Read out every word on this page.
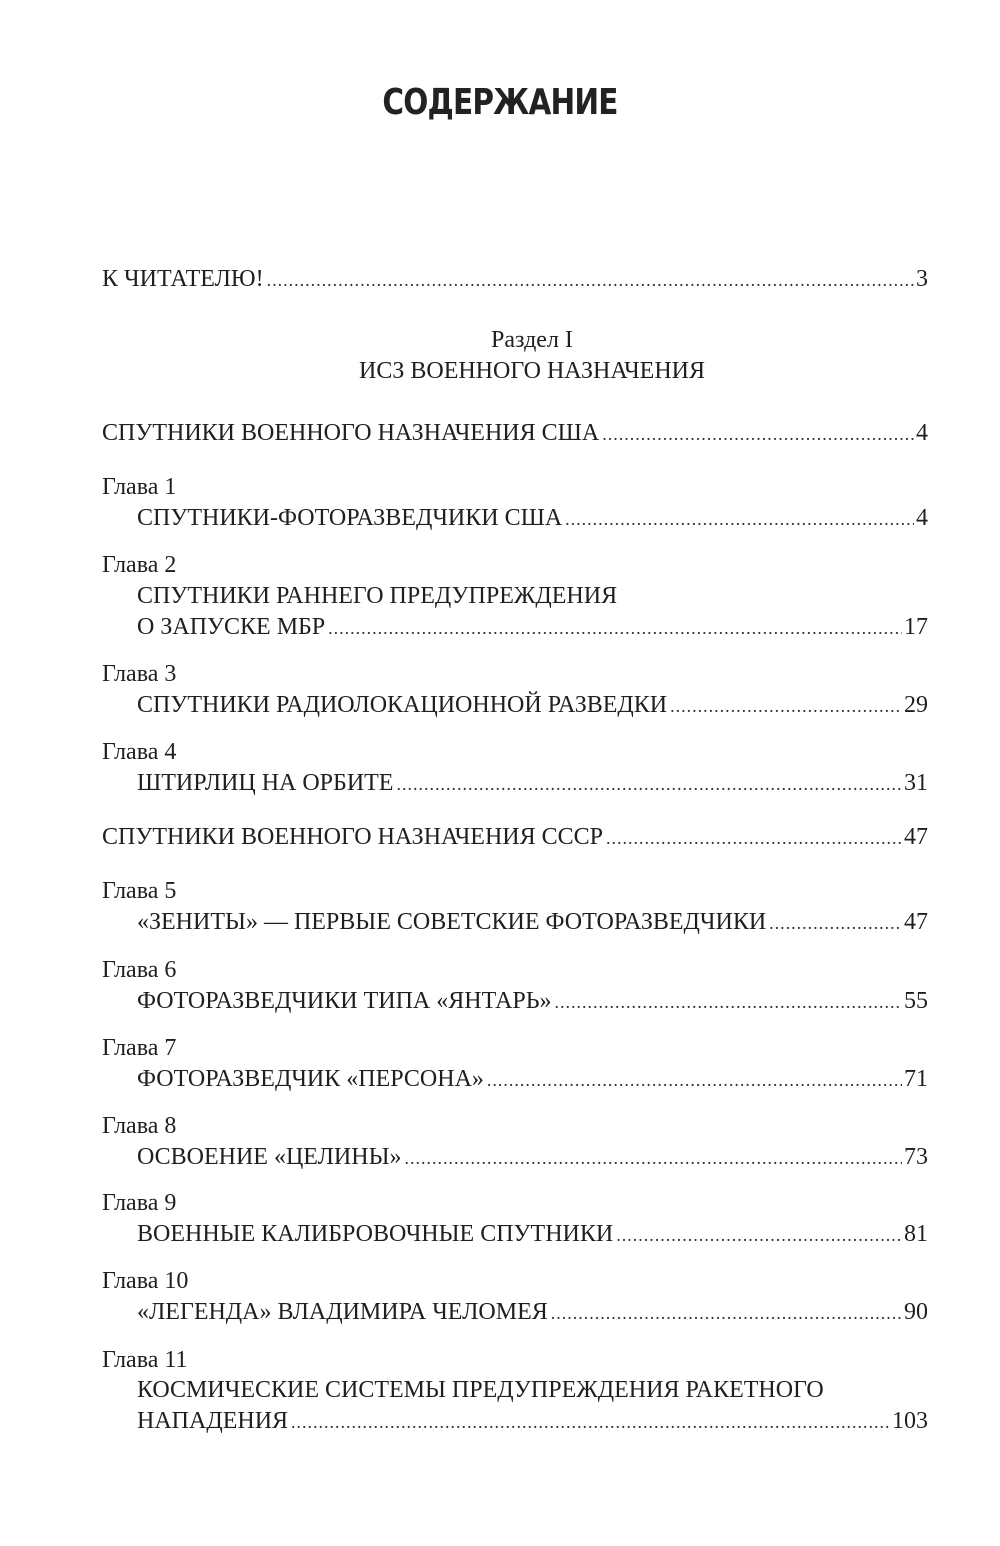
СОДЕРЖАНИЕ
К ЧИТАТЕЛЮ! .....	3
Раздел I
ИСЗ ВОЕННОГО НАЗНАЧЕНИЯ
СПУТНИКИ ВОЕННОГО НАЗНАЧЕНИЯ США .....	4
Глава 1
СПУТНИКИ-ФОТОРАЗВЕДЧИКИ США .....	4
Глава 2
СПУТНИКИ РАННЕГО ПРЕДУПРЕЖДЕНИЯ
О ЗАПУСКЕ МБР .....	17
Глава 3
СПУТНИКИ РАДИОЛОКАЦИОННОЙ РАЗВЕДКИ .....	29
Глава 4
ШТИРЛИЦ НА ОРБИТЕ .....	31
СПУТНИКИ ВОЕННОГО НАЗНАЧЕНИЯ СССР .....	47
Глава 5
«ЗЕНИТЫ» — ПЕРВЫЕ СОВЕТСКИЕ ФОТОРАЗВЕДЧИКИ .....	47
Глава 6
ФОТОРАЗВЕДЧИКИ ТИПА «ЯНТАРЬ» .....	55
Глава 7
ФОТОРАЗВЕДЧИК «ПЕРСОНА» .....	71
Глава 8
ОСВОЕНИЕ «ЦЕЛИНЫ» .....	73
Глава 9
ВОЕННЫЕ КАЛИБРОВОЧНЫЕ СПУТНИКИ .....	81
Глава 10
«ЛЕГЕНДА» ВЛАДИМИРА ЧЕЛОМЕЯ .....	90
Глава 11
КОСМИЧЕСКИЕ СИСТЕМЫ ПРЕДУПРЕЖДЕНИЯ РАКЕТНОГО
НАПАДЕНИЯ .....	103
